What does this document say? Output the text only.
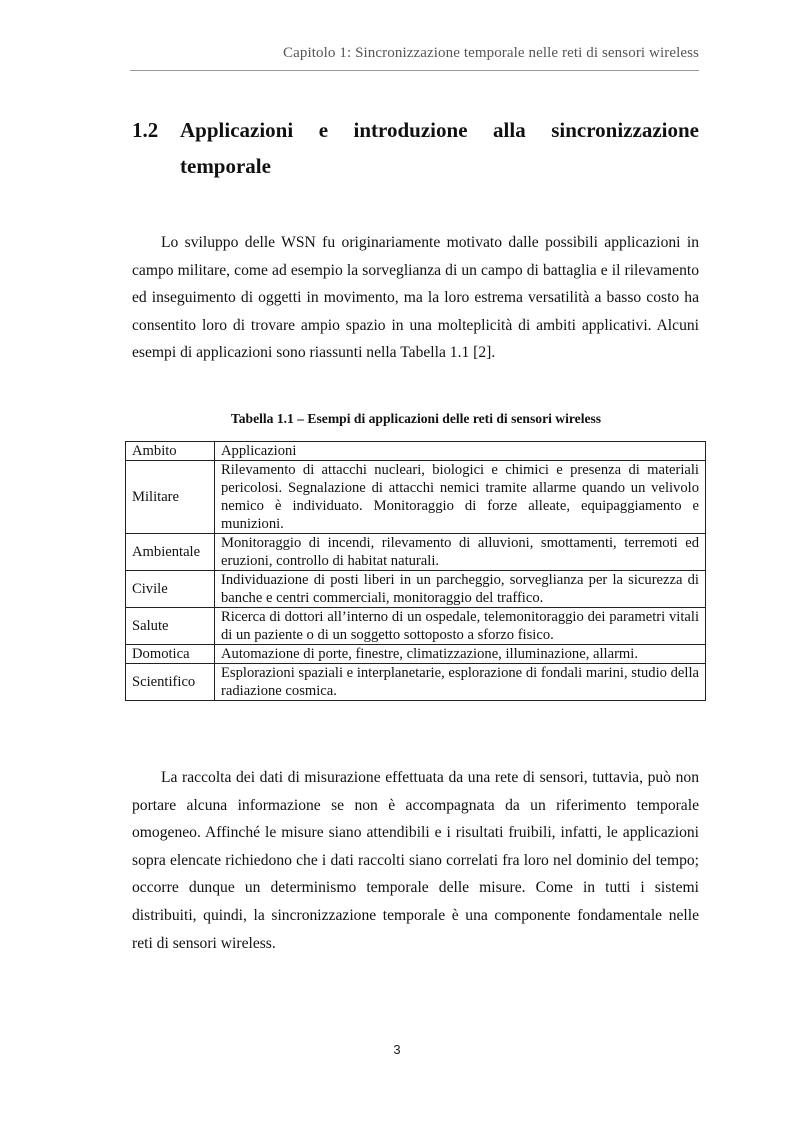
Capitolo 1: Sincronizzazione temporale nelle reti di sensori wireless
1.2 Applicazioni e introduzione alla sincronizzazione
temporale

Lo sviluppo delle WSN fu originariamente motivato dalle possibili applicazioni in campo militare, come ad esempio la sorveglianza di un campo di battaglia e il rilevamento ed inseguimento di oggetti in movimento, ma la loro estrema versatilità a basso costo ha consentito loro di trovare ampio spazio in una molteplicità di ambiti applicativi. Alcuni esempi di applicazioni sono riassunti nella Tabella 1.1 [2].

Tabella 1.1 – Esempi di applicazioni delle reti di sensori wireless
Ambito	Applicazioni
Militare	Rilevamento di attacchi nucleari, biologici e chimici e presenza di materiali pericolosi. Segnalazione di attacchi nemici tramite allarme quando un velivolo nemico è individuato. Monitoraggio di forze alleate, equipaggiamento e munizioni.
Ambientale	Monitoraggio di incendi, rilevamento di alluvioni, smottamenti, terremoti ed eruzioni, controllo di habitat naturali.
Civile	Individuazione di posti liberi in un parcheggio, sorveglianza per la sicurezza di banche e centri commerciali, monitoraggio del traffico.
Salute	Ricerca di dottori all’interno di un ospedale, telemonitoraggio dei parametri vitali di un paziente o di un soggetto sottoposto a sforzo fisico.
Domotica	Automazione di porte, finestre, climatizzazione, illuminazione, allarmi.
Scientifico	Esplorazioni spaziali e interplanetarie, esplorazione di fondali marini, studio della radiazione cosmica.

La raccolta dei dati di misurazione effettuata da una rete di sensori, tuttavia, può non portare alcuna informazione se non è accompagnata da un riferimento temporale omogeneo. Affinché le misure siano attendibili e i risultati fruibili, infatti, le applicazioni sopra elencate richiedono che i dati raccolti siano correlati fra loro nel dominio del tempo; occorre dunque un determinismo temporale delle misure. Come in tutti i sistemi distribuiti, quindi, la sincronizzazione temporale è una componente fondamentale nelle reti di sensori wireless.

3
